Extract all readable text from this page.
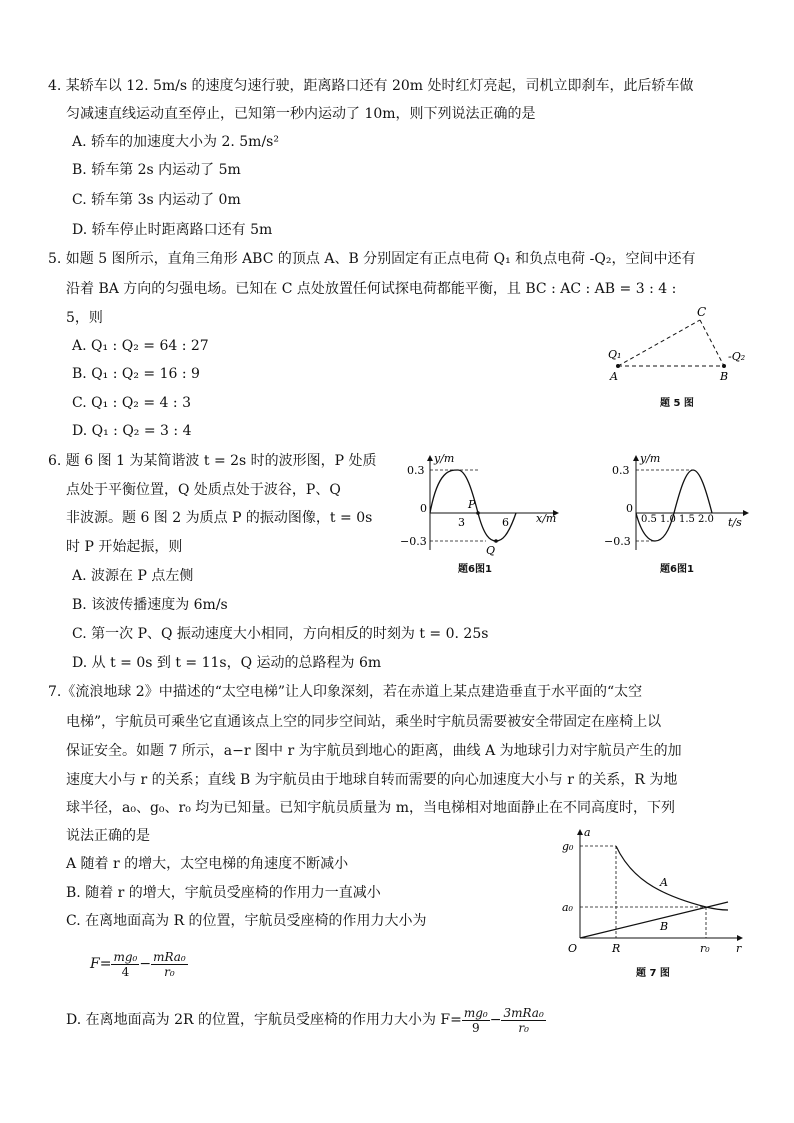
4. 某轿车以 12. 5m/s 的速度匀速行驶，距离路口还有 20m 处时红灯亮起，司机立即刹车，此后轿车做
匀减速直线运动直至停止，已知第一秒内运动了 10m，则下列说法正确的是
A. 轿车的加速度大小为 2. 5m/s²
B. 轿车第 2s 内运动了 5m
C. 轿车第 3s 内运动了 0m
D. 轿车停止时距离路口还有 5m
5. 如题 5 图所示，直角三角形 ABC 的顶点 A、B 分别固定有正点电荷 Q₁ 和负点电荷 -Q₂，空间中还有
沿着 BA 方向的匀强电场。已知在 C 点处放置任何试探电荷都能平衡，且 BC : AC : AB = 3 : 4 :
5，则
A. Q₁ : Q₂ = 64 : 27
B. Q₁ : Q₂ = 16 : 9
C. Q₁ : Q₂ = 4 : 3
D. Q₁ : Q₂ = 3 : 4
C
Q₁	-Q₂
A	B
题 5 图
6. 题 6 图 1 为某简谐波 t = 2s 时的波形图，P 处质
点处于平衡位置，Q 处质点处于波谷，P、Q
非波源。题 6 图 2 为质点 P 的振动图像，t = 0s
时 P 开始起振，则
A. 波源在 P 点左侧
B. 该波传播速度为 6m/s
C. 第一次 P、Q 振动速度大小相同，方向相反的时刻为 t = 0. 25s
D. 从 t = 0s 到 t = 11s，Q 运动的总路程为 6m
y/m
x/m
0.3
−0.3
0
3	6
P
Q
题6图1
y/m
t/s
0.3
−0.3
0
0.5 1.0 1.5 2.0
题6图1
7.《流浪地球 2》中描述的“太空电梯”让人印象深刻，若在赤道上某点建造垂直于水平面的“太空
电梯”，宇航员可乘坐它直通该点上空的同步空间站，乘坐时宇航员需要被安全带固定在座椅上以
保证安全。如题 7 所示，a−r 图中 r 为宇航员到地心的距离，曲线 A 为地球引力对宇航员产生的加
速度大小与 r 的关系；直线 B 为宇航员由于地球自转而需要的向心加速度大小与 r 的关系，R 为地
球半径，a₀、g₀、r₀ 均为已知量。已知宇航员质量为 m，当电梯相对地面静止在不同高度时，下列
说法正确的是
A 随着 r 的增大，太空电梯的角速度不断减小
B. 随着 r 的增大，宇航员受座椅的作用力一直减小
C. 在离地面高为 R 的位置，宇航员受座椅的作用力大小为
$F= \frac{\text{mg₀}}{4} - \frac{\text{mRa₀}}{\text{r₀}}$
D. 在离地面高为 2R 的位置，宇航员受座椅的作用力大小为 $F= \frac{\text{mg₀}}{9} - \frac{\text{3mRa₀}}{\text{r₀}}$
a
g₀
a₀
O	R	r₀ r
A
B
题 7 图
